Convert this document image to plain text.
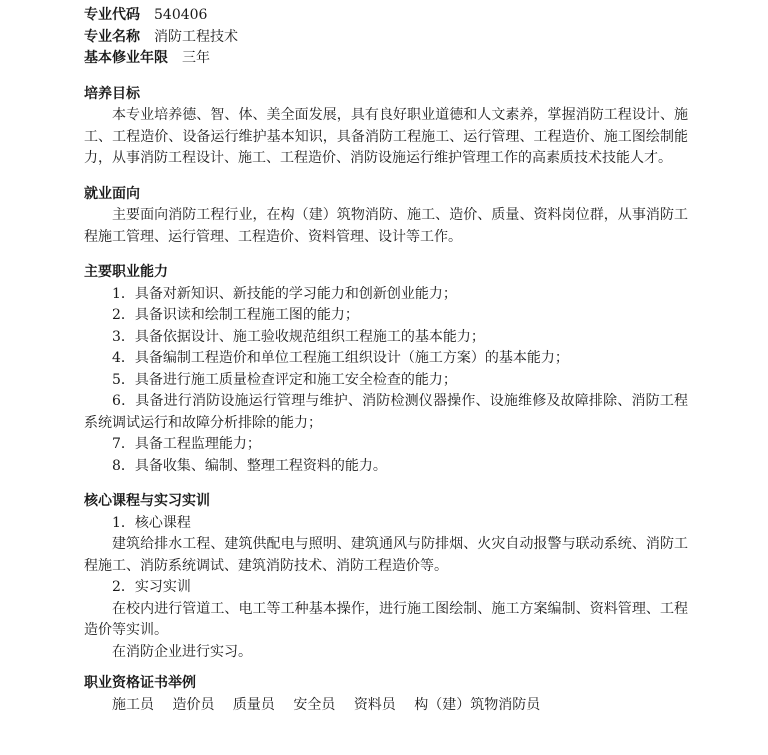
专业代码 540406
专业名称 消防工程技术
基本修业年限 三年
培养目标

本专业培养德、智、体、美全面发展，具有良好职业道德和人文素养，掌握消防工程设计、施工、工程造价、设备运行维护基本知识，具备消防工程施工、运行管理、工程造价、施工图绘制能力，从事消防工程设计、施工、工程造价、消防设施运行维护管理工作的高素质技术技能人才。

就业面向

主要面向消防工程行业，在构（建）筑物消防、施工、造价、质量、资料岗位群，从事消防工程施工管理、运行管理、工程造价、资料管理、设计等工作。

主要职业能力

1．具备对新知识、新技能的学习能力和创新创业能力；

2．具备识读和绘制工程施工图的能力；

3．具备依据设计、施工验收规范组织工程施工的基本能力；

4．具备编制工程造价和单位工程施工组织设计（施工方案）的基本能力；

5．具备进行施工质量检查评定和施工安全检查的能力；

6．具备进行消防设施运行管理与维护、消防检测仪器操作、设施维修及故障排除、消防工程系统调试运行和故障分析排除的能力；

7．具备工程监理能力；

8．具备收集、编制、整理工程资料的能力。

核心课程与实习实训

1．核心课程

建筑给排水工程、建筑供配电与照明、建筑通风与防排烟、火灾自动报警与联动系统、消防工程施工、消防系统调试、建筑消防技术、消防工程造价等。

2．实习实训

在校内进行管道工、电工等工种基本操作，进行施工图绘制、施工方案编制、资料管理、工程造价等实训。

在消防企业进行实习。

职业资格证书举例
施工员 造价员 质量员 安全员 资料员 构（建）筑物消防员
